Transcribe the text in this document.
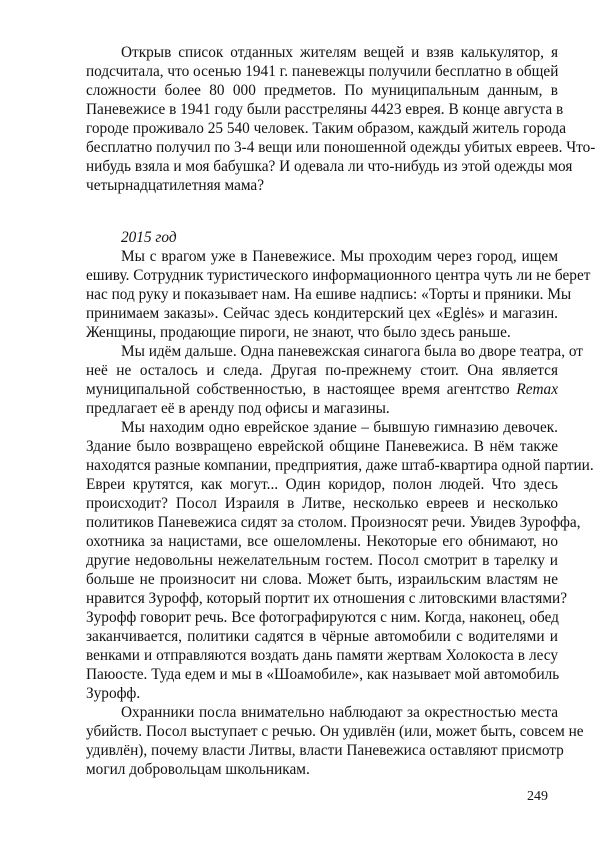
Открыв список отданных жителям вещей и взяв калькулятор, я
подсчитала, что осенью 1941 г. паневежцы получили бесплатно в общей
сложности более 80 000 предметов. По муниципальным данным, в
Паневежисе в 1941 году были расстреляны 4423 еврея. В конце августа в
городе проживало 25 540 человек. Таким образом, каждый житель города
бесплатно получил по 3-4 вещи или поношенной одежды убитых евреев. Что-
нибудь взяла и моя бабушка? И одевала ли что-нибудь из этой одежды моя
четырнадцатилетняя мама?
2015 год
Мы с врагом уже в Паневежисе. Мы проходим через город, ищем
ешиву. Сотрудник туристического информационного центра чуть ли не берет
нас под руку и показывает нам. На ешиве надпись: «Торты и пряники. Мы
принимаем заказы». Сейчас здесь кондитерский цех «Eglės» и магазин.
Женщины, продающие пироги, не знают, что было здесь раньше.
Мы идём дальше. Одна паневежская синагога была во дворе театра, от
неё не осталось и следа. Другая по-прежнему стоит. Она является
муниципальной собственностью, в настоящее время агентство Remax
предлагает её в аренду под офисы и магазины.
Мы находим одно еврейское здание – бывшую гимназию девочек.
Здание было возвращено еврейской общине Паневежиса. В нём также
находятся разные компании, предприятия, даже штаб-квартира одной партии.
Евреи крутятся, как могут... Один коридор, полон людей. Что здесь
происходит? Посол Израиля в Литве, несколько евреев и несколько
политиков Паневежиса сидят за столом. Произносят речи. Увидев Зуроффа,
охотника за нацистами, все ошеломлены. Некоторые его обнимают, но
другие недовольны нежелательным гостем. Посол смотрит в тарелку и
больше не произносит ни слова. Может быть, израильским властям не
нравится Зурофф, который портит их отношения с литовскими властями?
Зурофф говорит речь. Все фотографируются с ним. Когда, наконец, обед
заканчивается, политики садятся в чёрные автомобили с водителями и
венками и отправляются воздать дань памяти жертвам Холокоста в лесу
Паюосте. Туда едем и мы в «Шоамобиле», как называет мой автомобиль
Зурофф.
Охранники посла внимательно наблюдают за окрестностью места
убийств. Посол выступает с речью. Он удивлён (или, может быть, совсем не
удивлён), почему власти Литвы, власти Паневежиса оставляют присмотр
могил добровольцам школьникам.
249
